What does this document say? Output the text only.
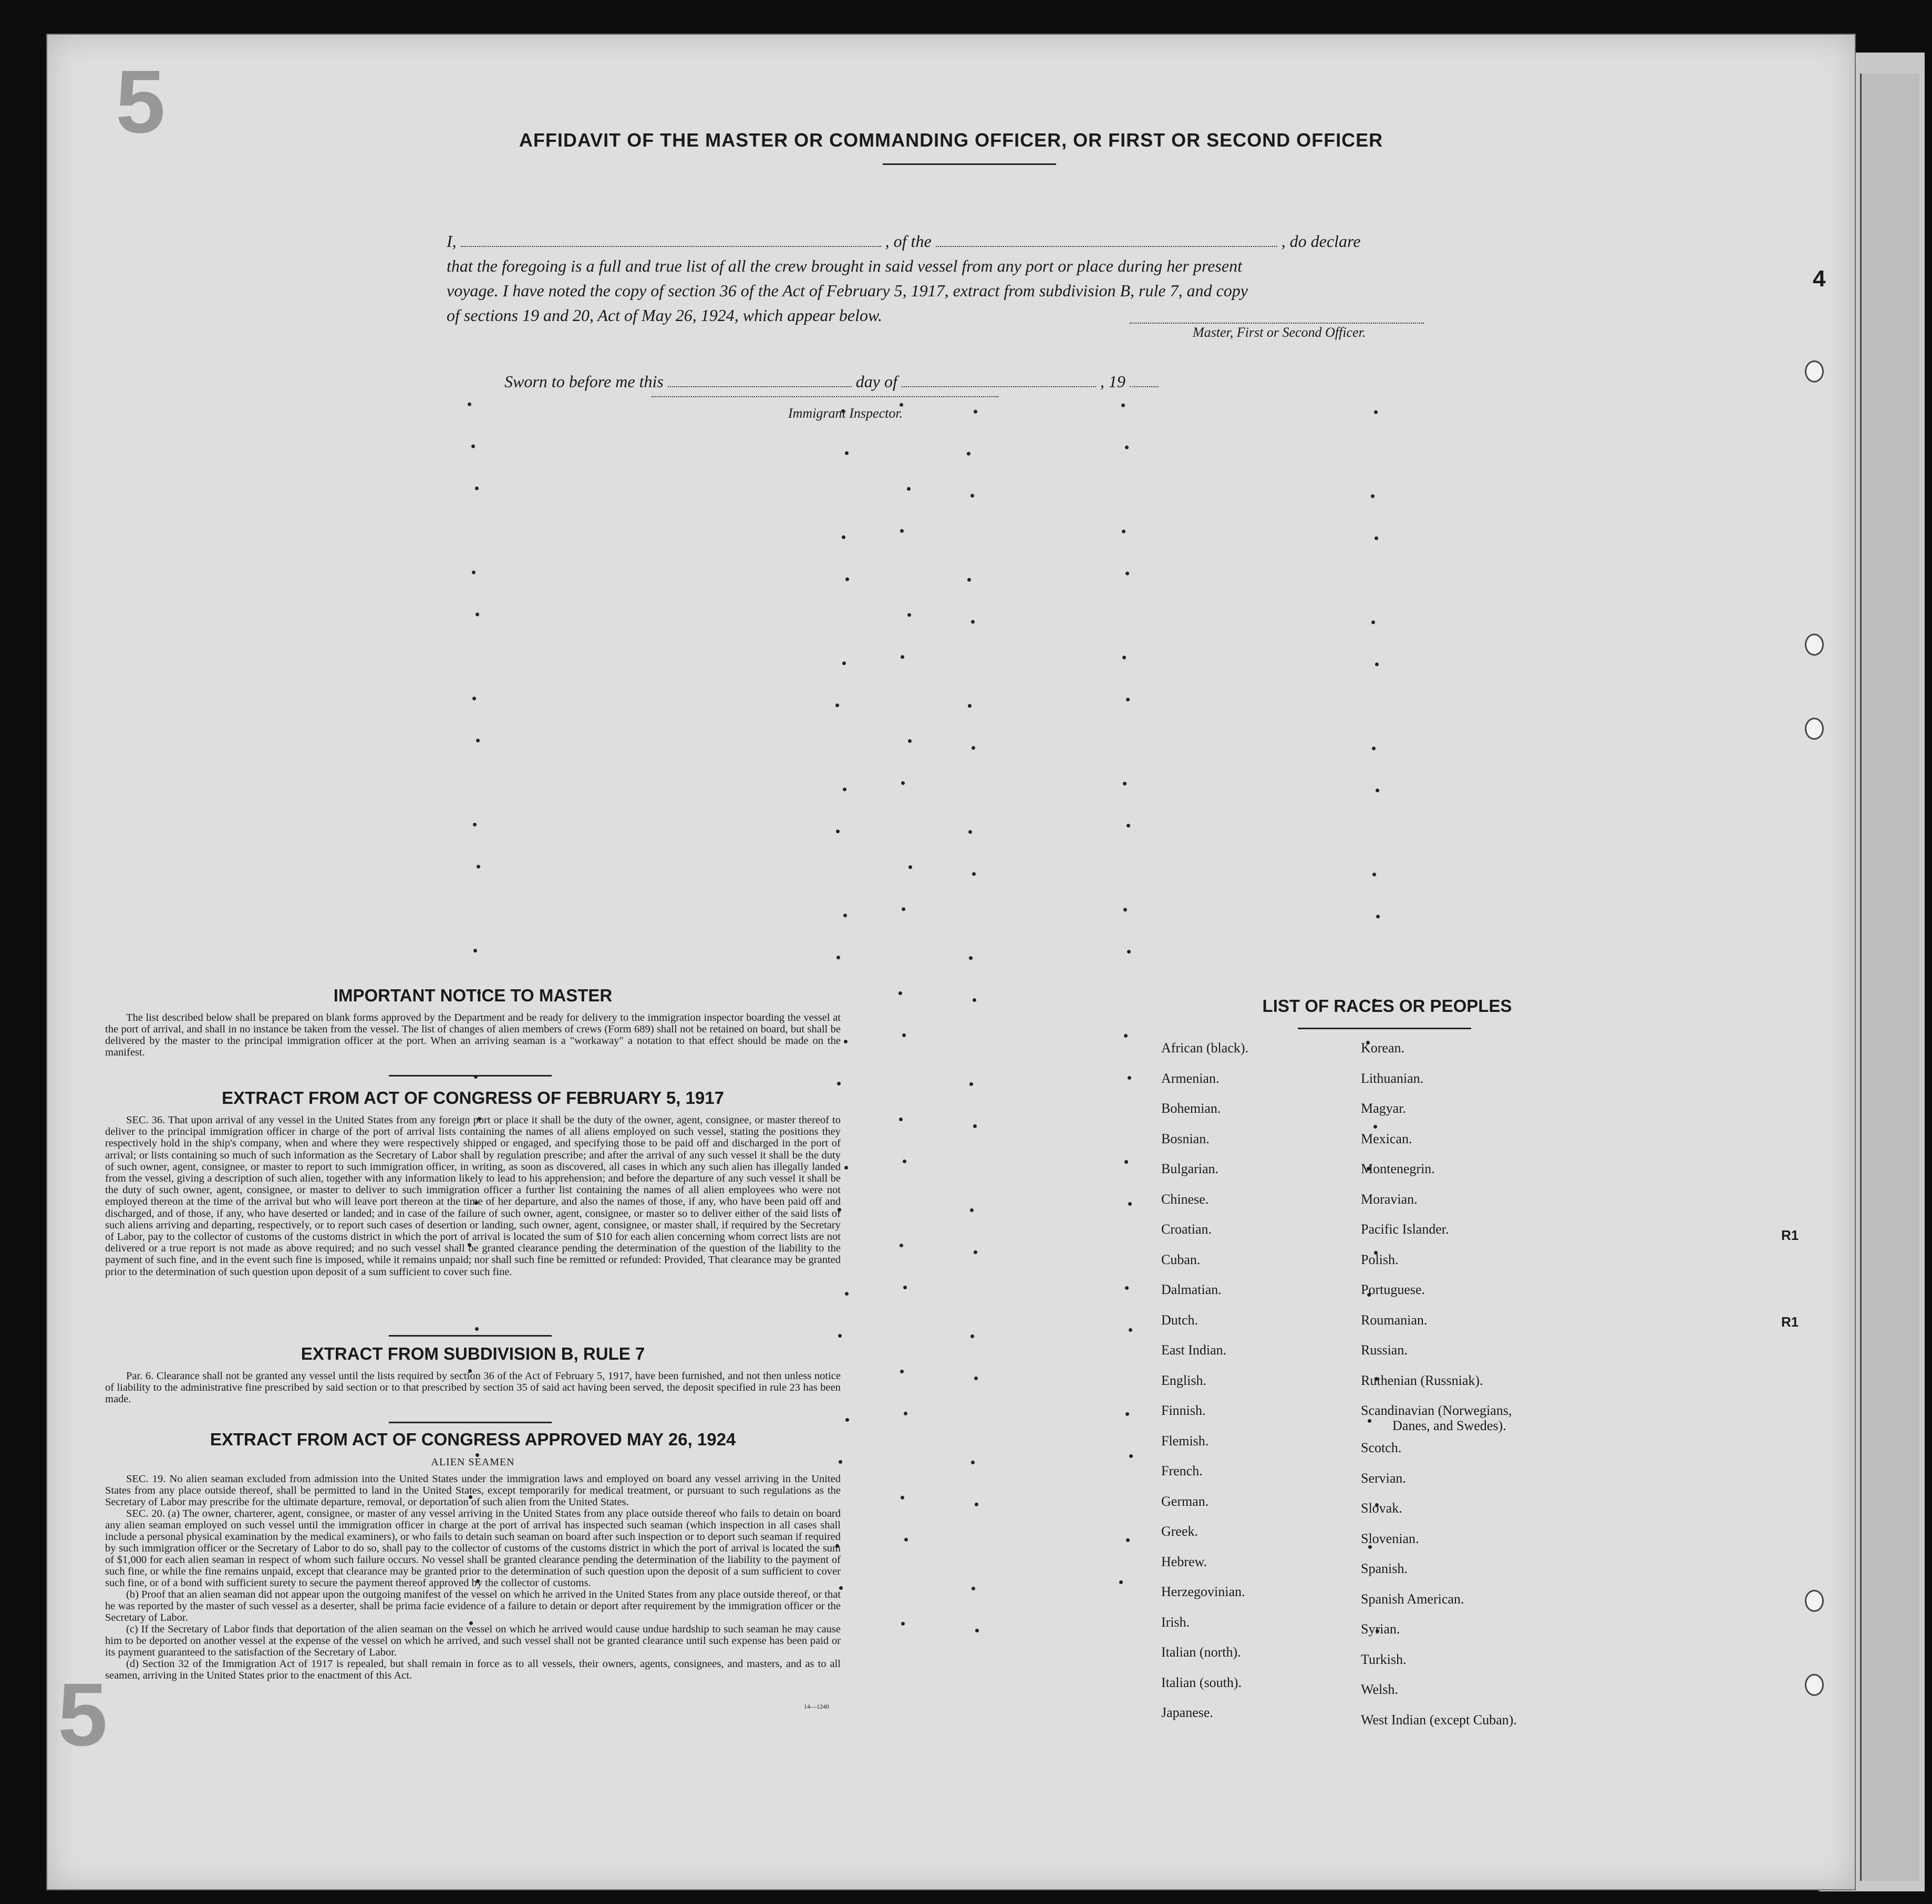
5
5
4
R1
R1
AFFIDAVIT OF THE MASTER OR COMMANDING OFFICER, OR FIRST OR SECOND OFFICER
I,	, of the	, do declare
that the foregoing is a full and true list of all the crew brought in said vessel from any port or place during her present
voyage. I have noted the copy of section 36 of the Act of February 5, 1917, extract from subdivision B, rule 7, and copy
of sections 19 and 20, Act of May 26, 1924, which appear below.
Master, First or Second Officer.
Sworn to before me this	day of	, 19
Immigrant Inspector.
IMPORTANT NOTICE TO MASTER
The list described below shall be prepared on blank forms approved by the Department and be ready for delivery to the immigration inspector boarding the vessel at the port of arrival, and shall in no instance be taken from the vessel. The list of changes of alien members of crews (Form 689) shall not be retained on board, but shall be delivered by the master to the principal immigration officer at the port. When an arriving seaman is a "workaway" a notation to that effect should be made on the manifest.
EXTRACT FROM ACT OF CONGRESS OF FEBRUARY 5, 1917
SEC. 36. That upon arrival of any vessel in the United States from any foreign port or place it shall be the duty of the owner, agent, consignee, or master thereof to deliver to the principal immigration officer in charge of the port of arrival lists containing the names of all aliens employed on such vessel, stating the positions they respectively hold in the ship's company, when and where they were respectively shipped or engaged, and specifying those to be paid off and discharged in the port of arrival; or lists containing so much of such information as the Secretary of Labor shall by regulation prescribe; and after the arrival of any such vessel it shall be the duty of such owner, agent, consignee, or master to report to such immigration officer, in writing, as soon as discovered, all cases in which any such alien has illegally landed from the vessel, giving a description of such alien, together with any information likely to lead to his apprehension; and before the departure of any such vessel it shall be the duty of such owner, agent, consignee, or master to deliver to such immigration officer a further list containing the names of all alien employees who were not employed thereon at the time of the arrival but who will leave port thereon at the time of her departure, and also the names of those, if any, who have been paid off and discharged, and of those, if any, who have deserted or landed; and in case of the failure of such owner, agent, consignee, or master so to deliver either of the said lists of such aliens arriving and departing, respectively, or to report such cases of desertion or landing, such owner, agent, consignee, or master shall, if required by the Secretary of Labor, pay to the collector of customs of the customs district in which the port of arrival is located the sum of $10 for each alien concerning whom correct lists are not delivered or a true report is not made as above required; and no such vessel shall be granted clearance pending the determination of the question of the liability to the payment of such fine, and in the event such fine is imposed, while it remains unpaid; nor shall such fine be remitted or refunded: Provided, That clearance may be granted prior to the determination of such question upon deposit of a sum sufficient to cover such fine.
EXTRACT FROM SUBDIVISION B, RULE 7
Par. 6. Clearance shall not be granted any vessel until the lists required by section 36 of the Act of February 5, 1917, have been furnished, and not then unless notice of liability to the administrative fine prescribed by said section or to that prescribed by section 35 of said act having been served, the deposit specified in rule 23 has been made.
EXTRACT FROM ACT OF CONGRESS APPROVED MAY 26, 1924
ALIEN SEAMEN

SEC. 19. No alien seaman excluded from admission into the United States under the immigration laws and employed on board any vessel arriving in the United States from any place outside thereof, shall be permitted to land in the United States, except temporarily for medical treatment, or pursuant to such regulations as the Secretary of Labor may prescribe for the ultimate departure, removal, or deportation of such alien from the United States.

SEC. 20. (a) The owner, charterer, agent, consignee, or master of any vessel arriving in the United States from any place outside thereof who fails to detain on board any alien seaman employed on such vessel until the immigration officer in charge at the port of arrival has inspected such seaman (which inspection in all cases shall include a personal physical examination by the medical examiners), or who fails to detain such seaman on board after such inspection or to deport such seaman if required by such immigration officer or the Secretary of Labor to do so, shall pay to the collector of customs of the customs district in which the port of arrival is located the sum of $1,000 for each alien seaman in respect of whom such failure occurs. No vessel shall be granted clearance pending the determination of the liability to the payment of such fine, or while the fine remains unpaid, except that clearance may be granted prior to the determination of such question upon the deposit of a sum sufficient to cover such fine, or of a bond with sufficient surety to secure the payment thereof approved by the collector of customs.

(b) Proof that an alien seaman did not appear upon the outgoing manifest of the vessel on which he arrived in the United States from any place outside thereof, or that he was reported by the master of such vessel as a deserter, shall be prima facie evidence of a failure to detain or deport after requirement by the immigration officer or the Secretary of Labor.

(c) If the Secretary of Labor finds that deportation of the alien seaman on the vessel on which he arrived would cause undue hardship to such seaman he may cause him to be deported on another vessel at the expense of the vessel on which he arrived, and such vessel shall not be granted clearance until such expense has been paid or its payment guaranteed to the satisfaction of the Secretary of Labor.

(d) Section 32 of the Immigration Act of 1917 is repealed, but shall remain in force as to all vessels, their owners, agents, consignees, and masters, and as to all seamen, arriving in the United States prior to the enactment of this Act.

14—1240
LIST OF RACES OR PEOPLES
African (black).
Armenian.
Bohemian.
Bosnian.
Bulgarian.
Chinese.
Croatian.
Cuban.
Dalmatian.
Dutch.
East Indian.
English.
Finnish.
Flemish.
French.
German.
Greek.
Hebrew.
Herzegovinian.
Irish.
Italian (north).
Italian (south).
Japanese.
Korean.
Lithuanian.
Magyar.
Mexican.
Montenegrin.
Moravian.
Pacific Islander.
Polish.
Portuguese.
Roumanian.
Russian.
Ruthenian (Russniak).
Scandinavian (Norwegians,
Danes, and Swedes).
Scotch.
Servian.
Slovak.
Slovenian.
Spanish.
Spanish American.
Syrian.
Turkish.
Welsh.
West Indian (except Cuban).
